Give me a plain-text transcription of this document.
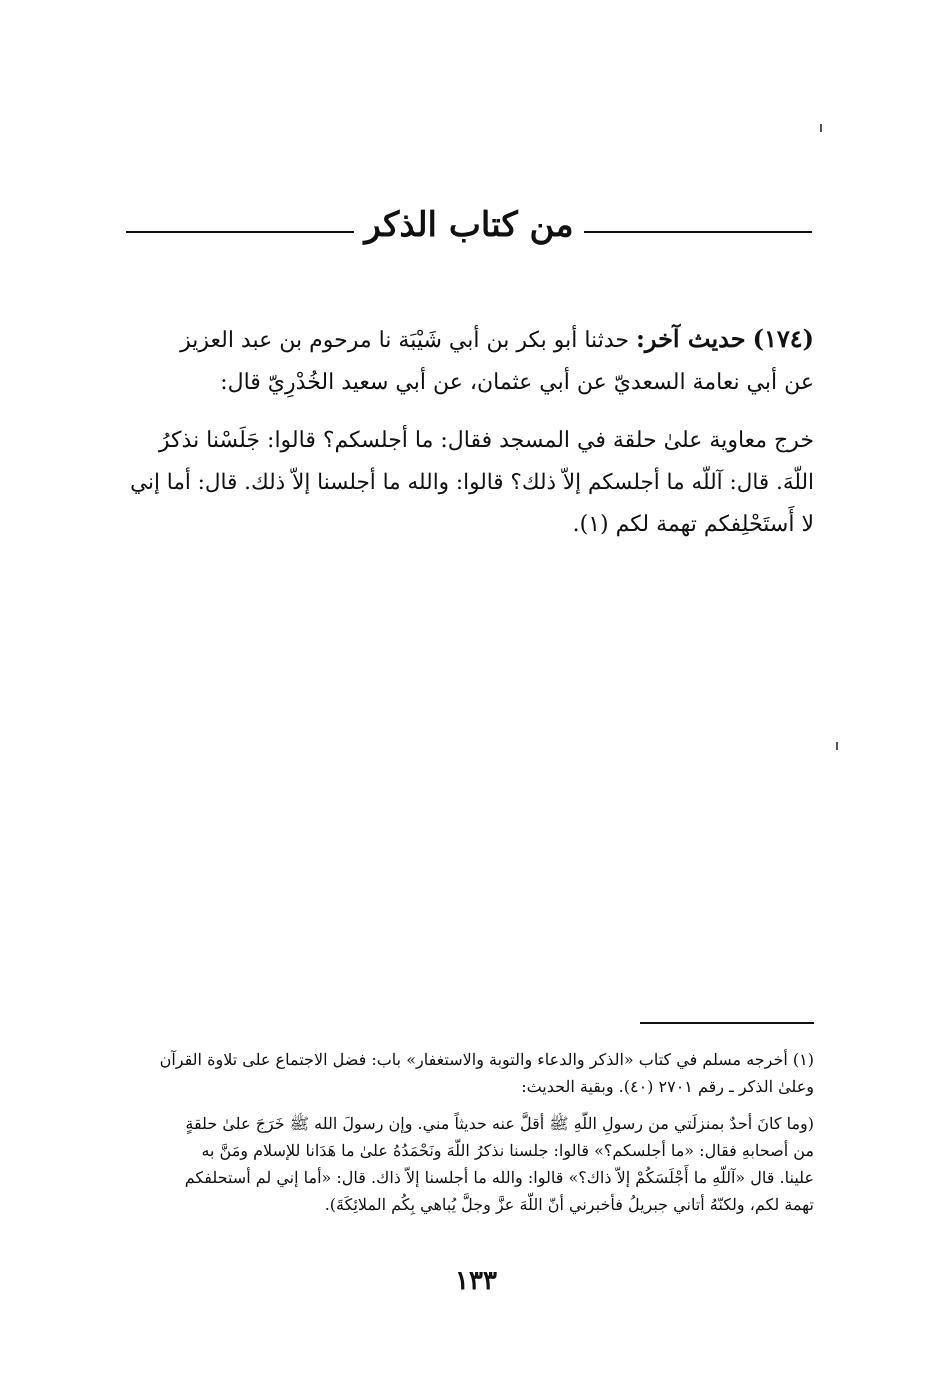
من كتاب الذكر
(١٧٤) حديث آخر: حدثنا أبو بكر بن أبي شَيْبَة نا مرحوم بن عبد العزيز
عن أبي نعامة السعديّ عن أبي عثمان، عن أبي سعيد الخُدْرِيّ قال:
خرج معاوية علىٰ حلقة في المسجد فقال: ما أجلسكم؟ قالوا: جَلَسْنا نذكرُ
اللّهَ. قال: آللّه ما أجلسكم إلاّ ذلك؟ قالوا: والله ما أجلسنا إلاّ ذلك. قال: أما إني
لا أَستَحْلِفكم تهمة لكم (١).
(١) أخرجه مسلم في كتاب «الذكر والدعاء والتوبة والاستغفار» باب: فضل الاجتماع على تلاوة القرآن
وعلىٰ الذكر ـ رقم ٢٧٠١ (٤٠). وبقية الحديث:
(وما كانَ أحدٌ بمنزلَتي من رسولِ اللّهِ ﷺ أقلَّ عنه حديثاً مني. وإن رسولَ الله ﷺ خَرَجَ علىٰ حلقةٍ
من أصحابهِ فقال: «ما أجلسكم؟» قالوا: جلسنا نذكرُ اللّهَ ونَحْمَدُهُ علىٰ ما هَدَانا للإسلام ومَنَّ به
علينا. قال «آللّهِ ما أَجْلَسَكُمْ إلاّ ذاك؟» قالوا: والله ما أجلسنا إلاّ ذاك. قال: «أما إني لم أستحلفكم
تهمة لكم، ولكنّهُ أتاني جبريلُ فأخبرني أنّ اللّهَ عزَّ وجلَّ يُباهي بِكُم الملائِكَةَ).
١٣٣
